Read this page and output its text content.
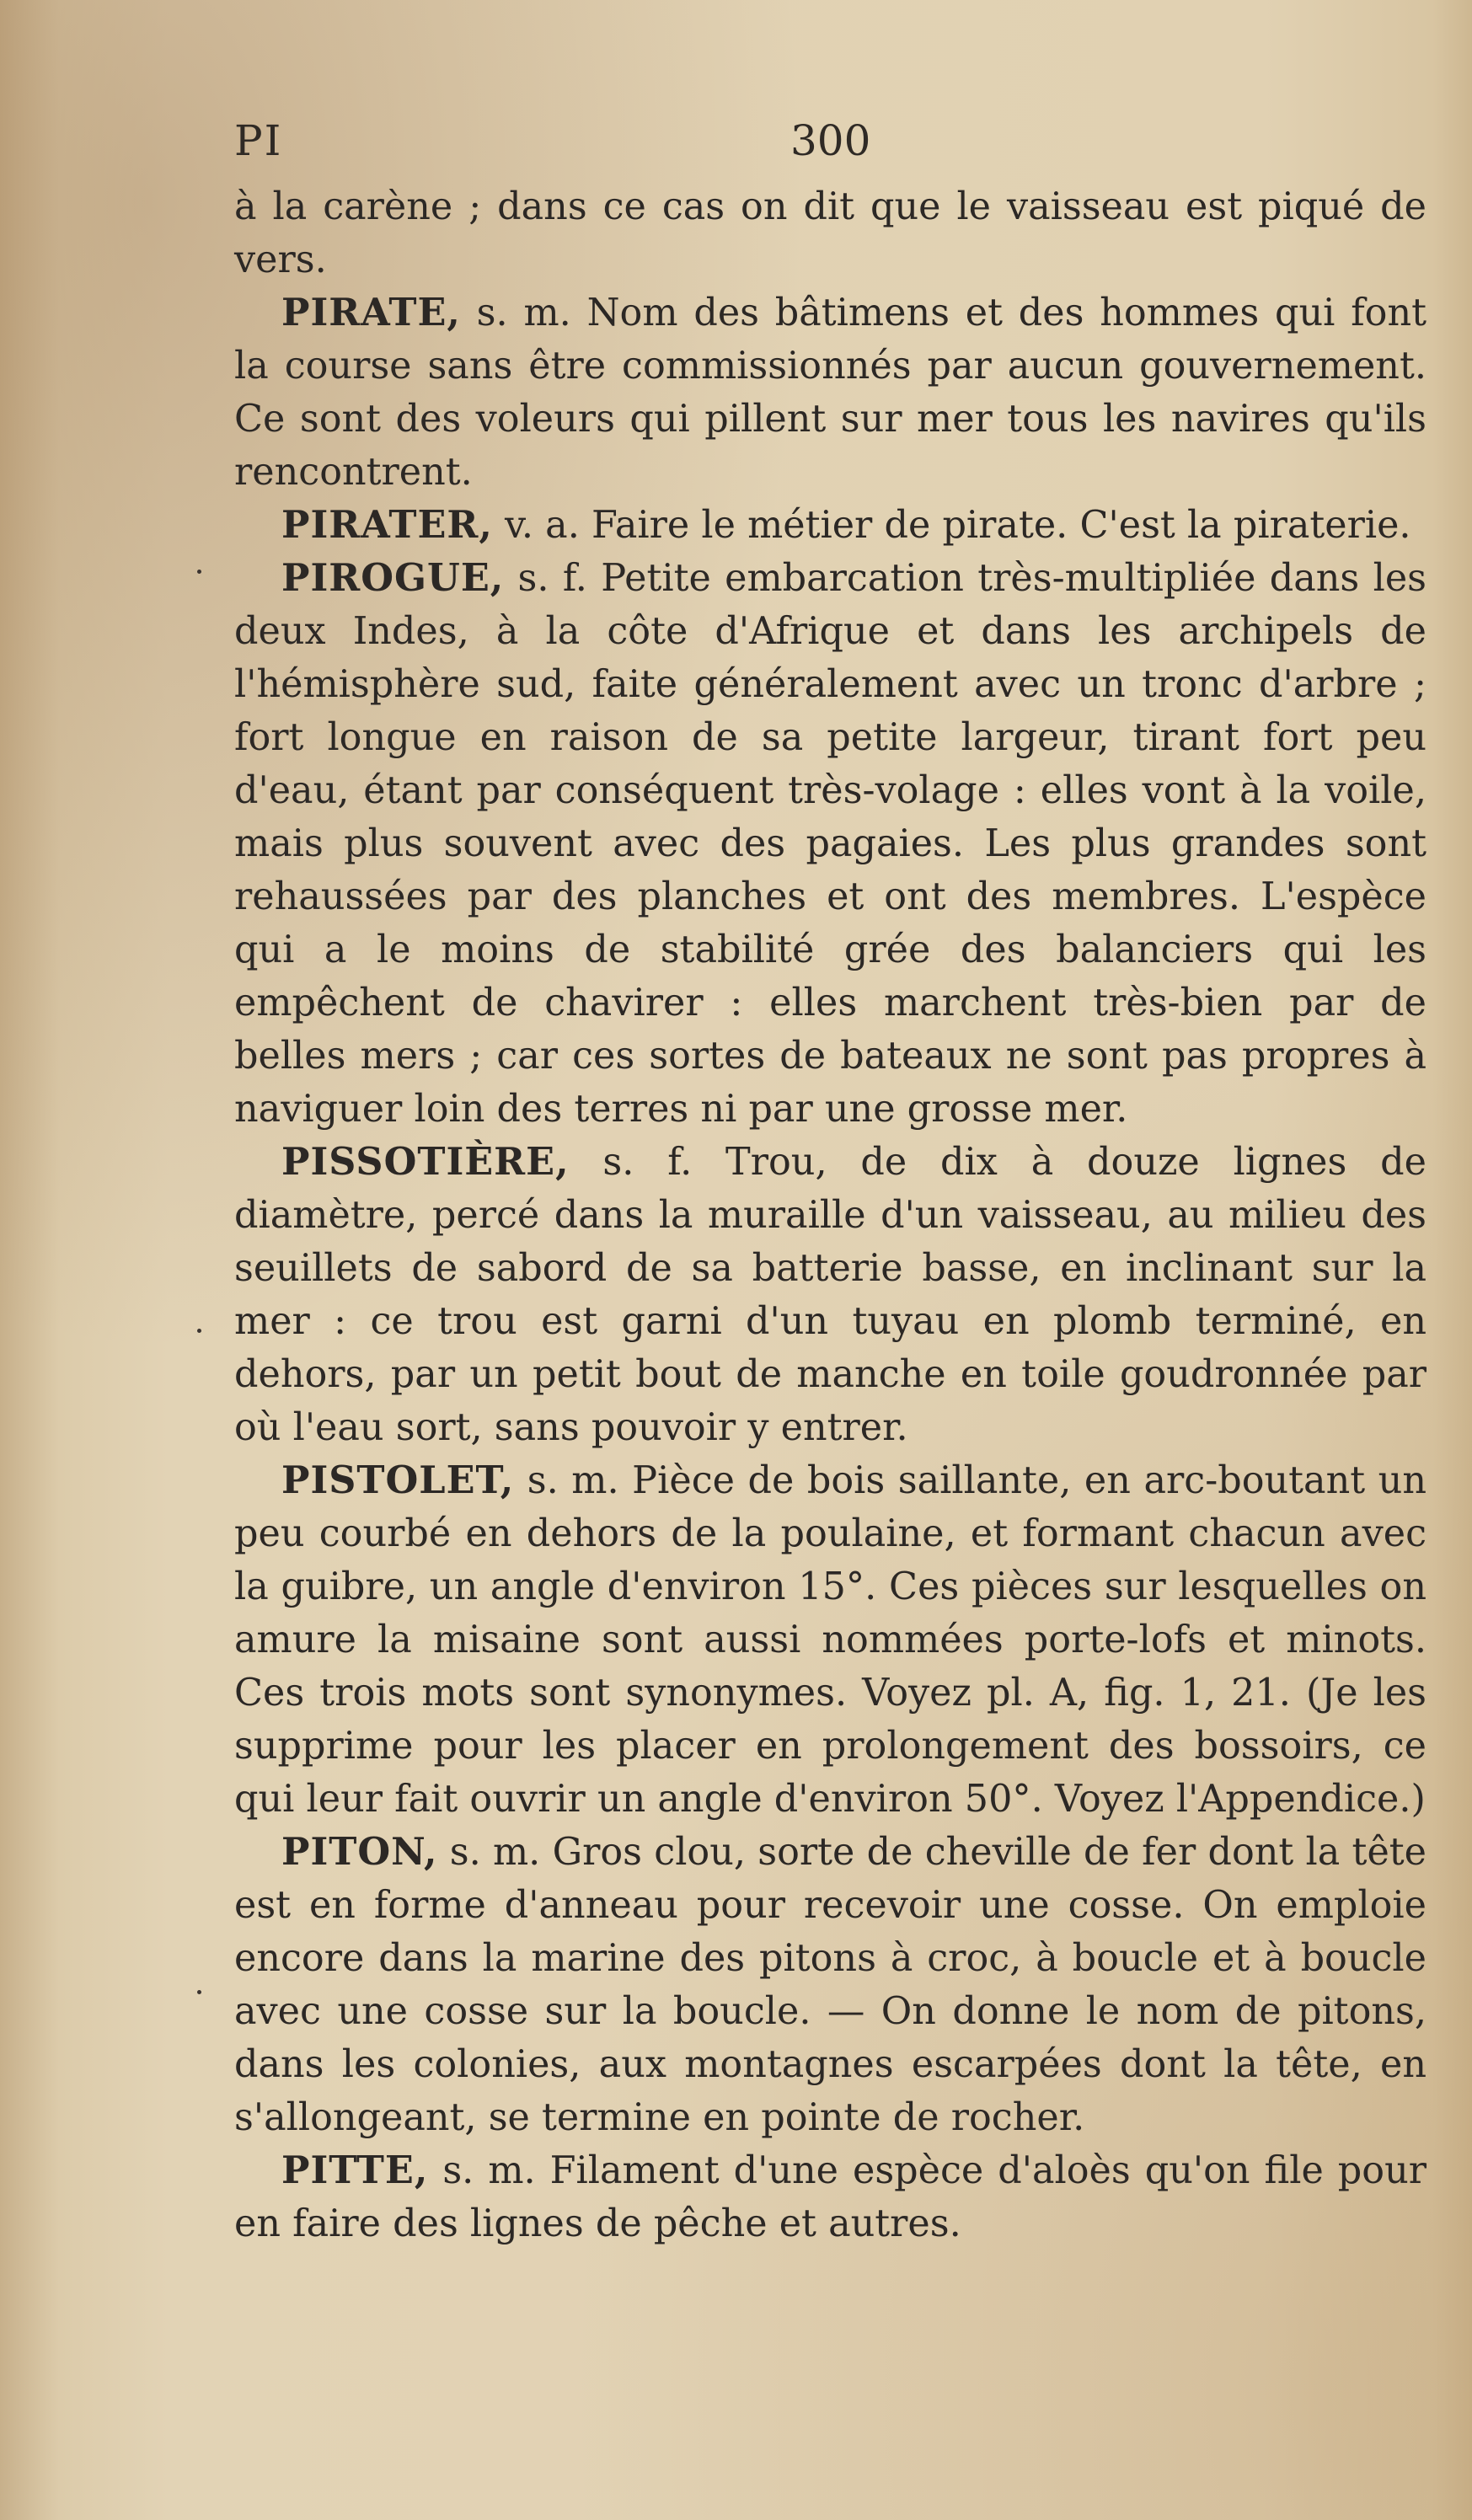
PI	300

à la carène ; dans ce cas on dit que le vaisseau est piqué de vers.

PIRATE, s. m. Nom des bâtimens et des hommes qui font la course sans être commissionnés par aucun gouvernement. Ce sont des voleurs qui pillent sur mer tous les navires qu'ils rencontrent.

PIRATER, v. a. Faire le métier de pirate. C'est la piraterie.

PIROGUE, s. f. Petite embarcation très-multipliée dans les deux Indes, à la côte d'Afrique et dans les archipels de l'hémisphère sud, faite généralement avec un tronc d'arbre ; fort longue en raison de sa petite largeur, tirant fort peu d'eau, étant par conséquent très-volage : elles vont à la voile, mais plus souvent avec des pagaies. Les plus grandes sont rehaussées par des planches et ont des membres. L'espèce qui a le moins de stabilité grée des balanciers qui les empêchent de chavirer : elles marchent très-bien par de belles mers ; car ces sortes de bateaux ne sont pas propres à naviguer loin des terres ni par une grosse mer.

PISSOTIÈRE, s. f. Trou, de dix à douze lignes de diamètre, percé dans la muraille d'un vaisseau, au milieu des seuillets de sabord de sa batterie basse, en inclinant sur la mer : ce trou est garni d'un tuyau en plomb terminé, en dehors, par un petit bout de manche en toile goudronnée par où l'eau sort, sans pouvoir y entrer.

PISTOLET, s. m. Pièce de bois saillante, en arc-boutant un peu courbé en dehors de la poulaine, et formant chacun avec la guibre, un angle d'environ 15°. Ces pièces sur lesquelles on amure la misaine sont aussi nommées porte-lofs et minots. Ces trois mots sont synonymes. Voyez pl. A, fig. 1, 21. (Je les supprime pour les placer en prolongement des bossoirs, ce qui leur fait ouvrir un angle d'environ 50°. Voyez l'Appendice.)

PITON, s. m. Gros clou, sorte de cheville de fer dont la tête est en forme d'anneau pour recevoir une cosse. On emploie encore dans la marine des pitons à croc, à boucle et à boucle avec une cosse sur la boucle. — On donne le nom de pitons, dans les colonies, aux montagnes escarpées dont la tête, en s'allongeant, se termine en pointe de rocher.

PITTE, s. m. Filament d'une espèce d'aloès qu'on file pour en faire des lignes de pêche et autres.
